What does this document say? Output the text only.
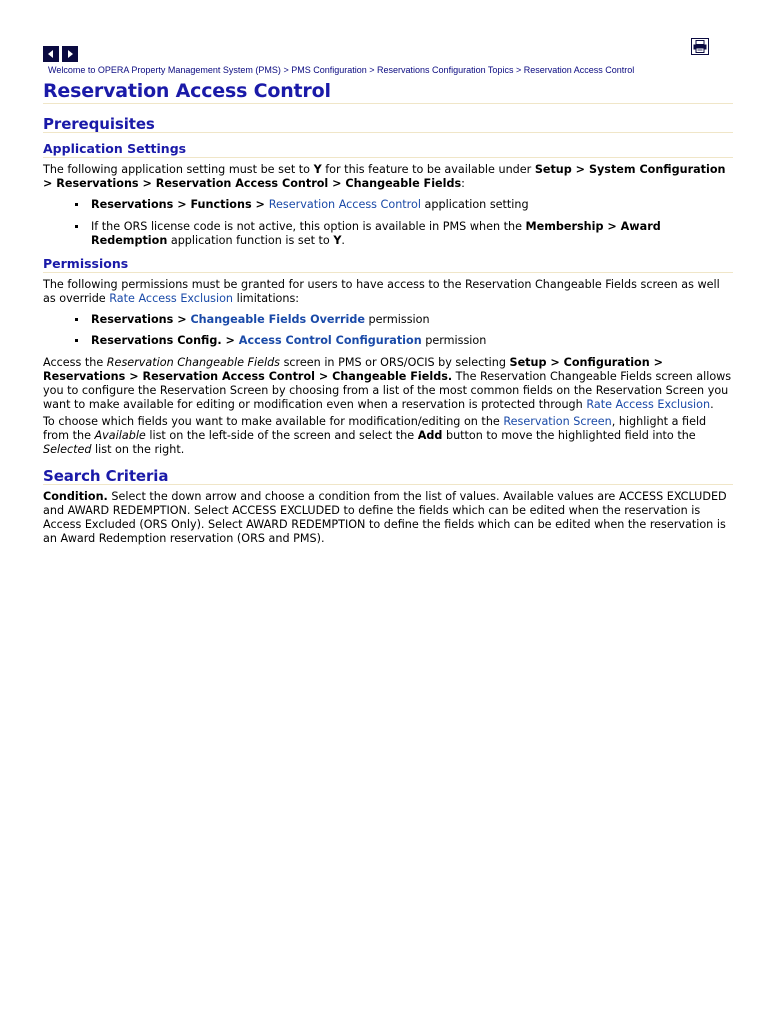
Welcome to OPERA Property Management System (PMS) > PMS Configuration > Reservations Configuration Topics > Reservation Access Control
Reservation Access Control
Prerequisites
Application Settings

The following application setting must be set to Y for this feature to be available under Setup > System Configuration > Reservations > Reservation Access Control > Changeable Fields:

Reservations > Functions > Reservation Access Control application setting
If the ORS license code is not active, this option is available in PMS when the Membership > Award Redemption application function is set to Y.
Permissions

The following permissions must be granted for users to have access to the Reservation Changeable Fields screen as well as override Rate Access Exclusion limitations:

Reservations > Changeable Fields Override permission
Reservations Config. > Access Control Configuration permission

Access the Reservation Changeable Fields screen in PMS or ORS/OCIS by selecting Setup > Configuration > Reservations > Reservation Access Control > Changeable Fields. The Reservation Changeable Fields screen allows you to configure the Reservation Screen by choosing from a list of the most common fields on the Reservation Screen you want to make available for editing or modification even when a reservation is protected through Rate Access Exclusion.

To choose which fields you want to make available for modification/editing on the Reservation Screen, highlight a field from the Available list on the left-side of the screen and select the Add button to move the highlighted field into the Selected list on the right.

Search Criteria

Condition. Select the down arrow and choose a condition from the list of values. Available values are ACCESS EXCLUDED and AWARD REDEMPTION. Select ACCESS EXCLUDED to define the fields which can be edited when the reservation is Access Excluded (ORS Only). Select AWARD REDEMPTION to define the fields which can be edited when the reservation is an Award Redemption reservation (ORS and PMS).
